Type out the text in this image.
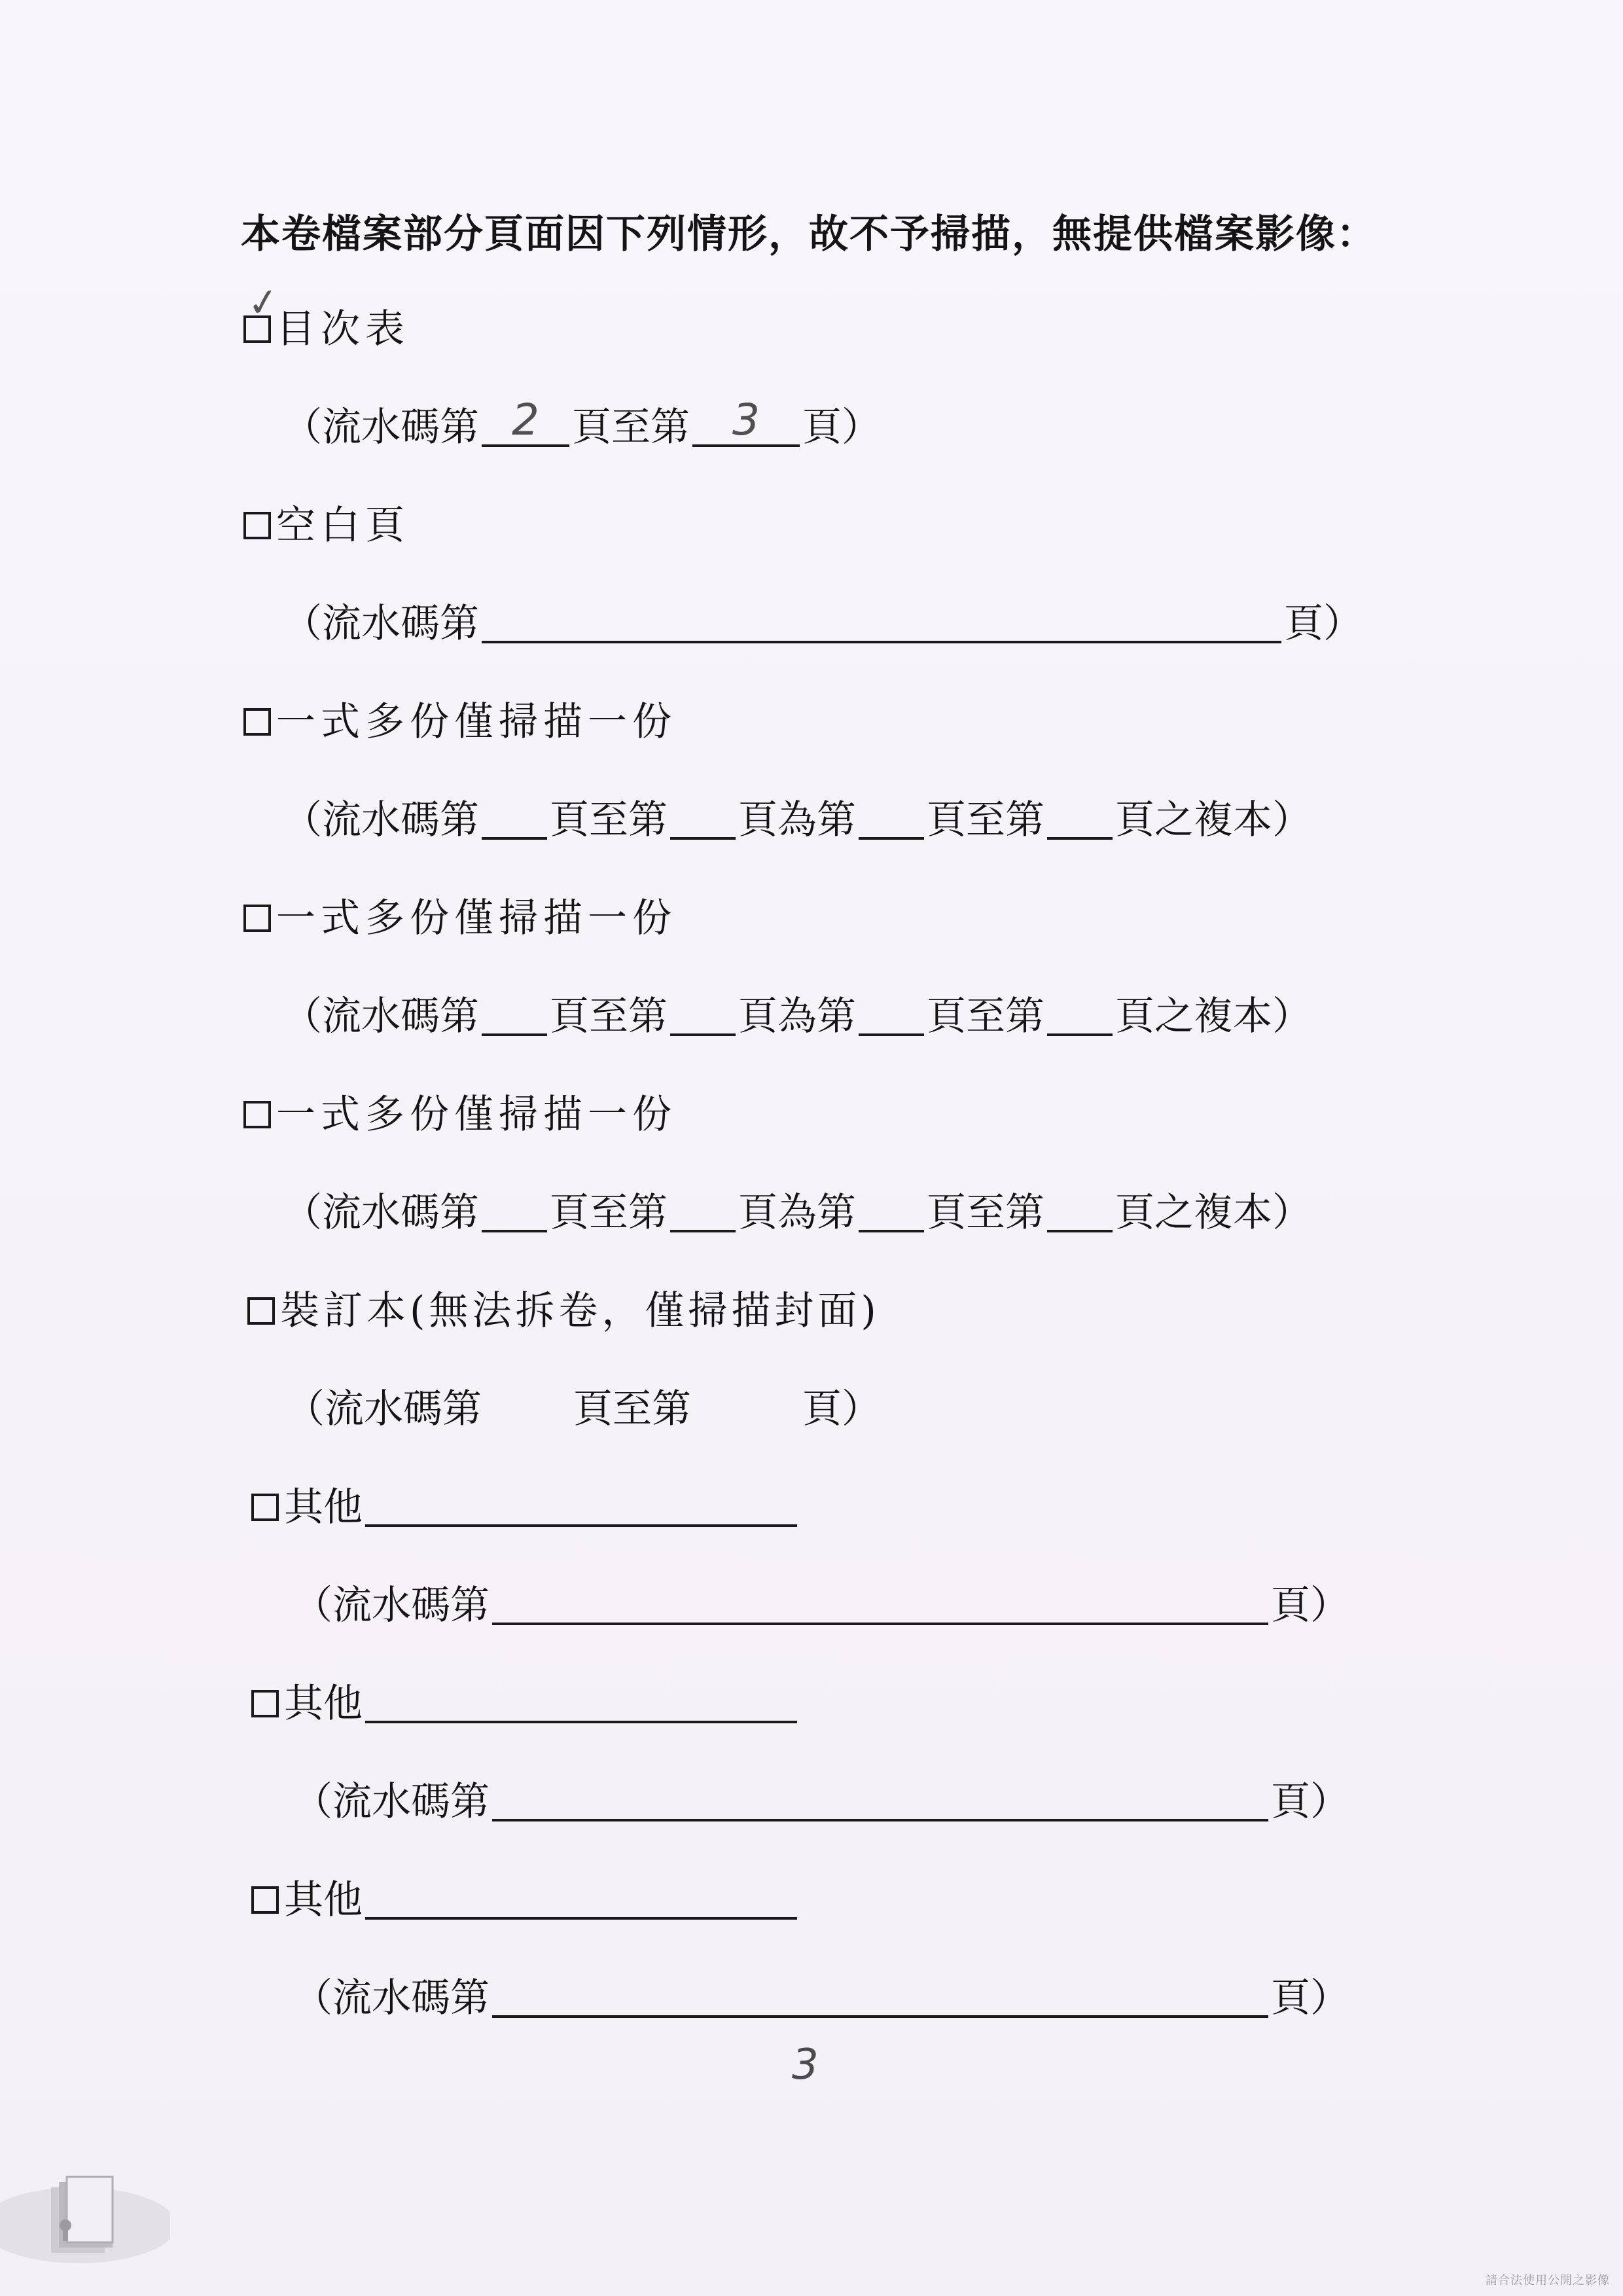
本卷檔案部分頁面因下列情形，故不予掃描，無提供檔案影像：
✓
目次表
（流水碼第 2 頁至第 3	頁）
空白頁
（流水碼第	頁）
一式多份僅掃描一份
（流水碼第 頁至第 頁為第 頁至第 頁之複本）
一式多份僅掃描一份
（流水碼第 頁至第 頁為第 頁至第 頁之複本）
一式多份僅掃描一份
（流水碼第 頁至第 頁為第 頁至第 頁之複本）
裝訂本(無法拆卷，僅掃描封面)
（流水碼第 頁至第	頁）
其他
（流水碼第	頁）
其他
（流水碼第	頁）
其他
（流水碼第	頁）
3
請合法使用公開之影像
